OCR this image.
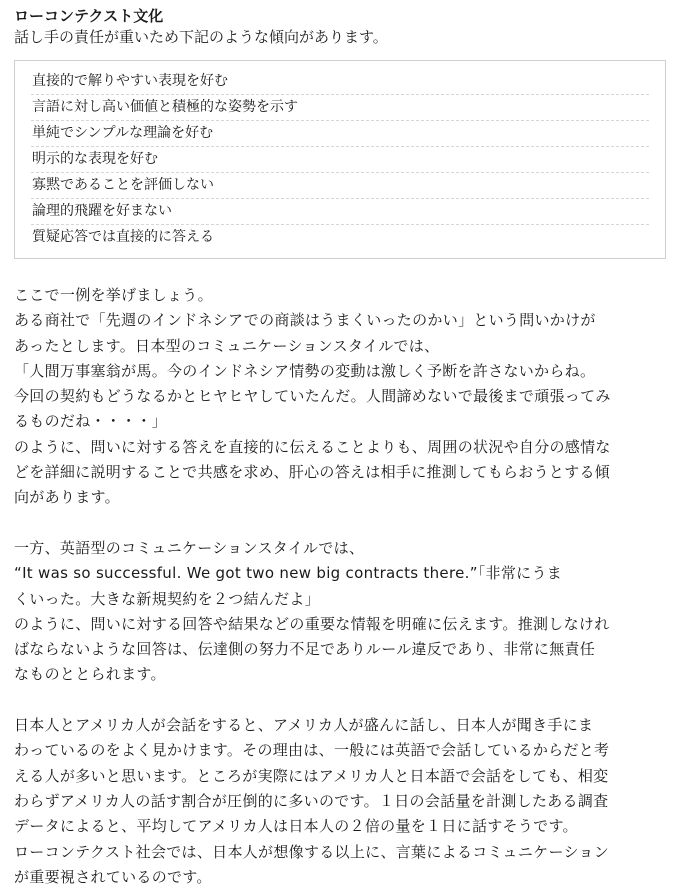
ローコンテクスト文化

話し手の責任が重いため下記のような傾向があります。

直接的で解りやすい表現を好む
言語に対し高い価値と積極的な姿勢を示す
単純でシンプルな理論を好む
明示的な表現を好む
寡黙であることを評価しない
論理的飛躍を好まない
質疑応答では直接的に答える

ここで一例を挙げましょう。

ある商社で「先週のインドネシアでの商談はうまくいったのかい」という問いかけが

あったとします。日本型のコミュニケーションスタイルでは、

「人間万事塞翁が馬。今のインドネシア情勢の変動は激しく予断を許さないからね。

今回の契約もどうなるかとヒヤヒヤしていたんだ。人間諦めないで最後まで頑張ってみ

るものだね・・・・」

のように、問いに対する答えを直接的に伝えることよりも、周囲の状況や自分の感情な

どを詳細に説明することで共感を求め、肝心の答えは相手に推測してもらおうとする傾

向があります。

一方、英語型のコミュニケーションスタイルでは、

“It was so successful. We got two new big contracts there.”「非常にうま

くいった。大きな新規契約を２つ結んだよ」

のように、問いに対する回答や結果などの重要な情報を明確に伝えます。推測しなけれ

ばならないような回答は、伝達側の努力不足でありルール違反であり、非常に無責任

なものととられます。

日本人とアメリカ人が会話をすると、アメリカ人が盛んに話し、日本人が聞き手にま

わっているのをよく見かけます。その理由は、一般には英語で会話しているからだと考

える人が多いと思います。ところが実際にはアメリカ人と日本語で会話をしても、相変

わらずアメリカ人の話す割合が圧倒的に多いのです。１日の会話量を計測したある調査

データによると、平均してアメリカ人は日本人の２倍の量を１日に話すそうです。

ローコンテクスト社会では、日本人が想像する以上に、言葉によるコミュニケーション

が重要視されているのです。
